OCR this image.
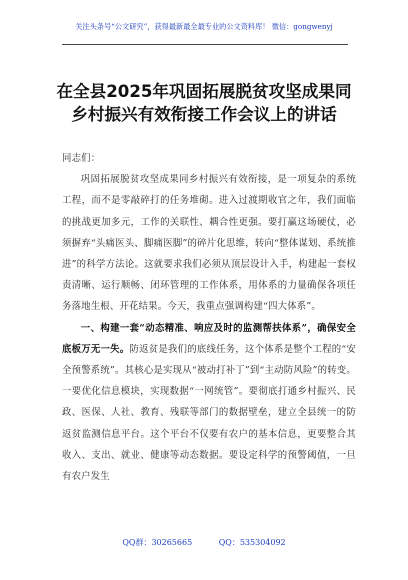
关注头条号“公文研究”，获得最新最全最专业的公文资料库！ 微信：gongwenyj
在全县2025年巩固拓展脱贫攻坚成果同
乡村振兴有效衔接工作会议上的讲话
同志们：
巩固拓展脱贫攻坚成果同乡村振兴有效衔接，是一项复杂的系统工程，而不是零敲碎打的任务堆砌。进入过渡期收官之年，我们面临的挑战更加多元，工作的关联性、耦合性更强。要打赢这场硬仗，必须摒弃“头痛医头、脚痛医脚”的碎片化思维，转向“整体谋划、系统推进”的科学方法论。这就要求我们必须从顶层设计入手，构建起一套权责清晰、运行顺畅、闭环管理的工作体系，用体系的力量确保各项任务落地生根、开花结果。今天，我重点强调构建“四大体系”。
一、构建一套“动态精准、响应及时的监测帮扶体系”，确保安全底板万无一失。防返贫是我们的底线任务，这个体系是整个工程的“安全预警系统”。其核心是实现从“被动打补丁”到“主动防风险”的转变。一要优化信息模块，实现数据“一网统管”。要彻底打通乡村振兴、民政、医保、人社、教育、残联等部门的数据壁垒，建立全县统一的防返贫监测信息平台。这个平台不仅要有农户的基本信息，更要整合其收入、支出、就业、健康等动态数据。要设定科学的预警阈值，一旦有农户发生
QQ群：30265665	QQ：535304092
